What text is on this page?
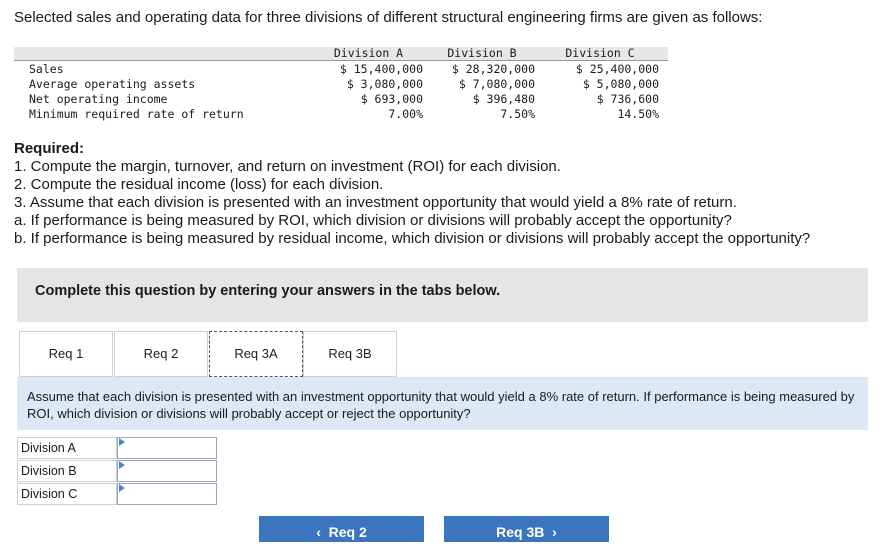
Selected sales and operating data for three divisions of different structural engineering firms are given as follows:
Division A	Division B	Division C
Sales	$ 15,400,000	$ 28,320,000	$ 25,400,000
Average operating assets	$ 3,080,000	$ 7,080,000	$ 5,080,000
Net operating income	$ 693,000	$ 396,480	$ 736,600
Minimum required rate of return	7.00%	7.50%	14.50%
Required:
1. Compute the margin, turnover, and return on investment (ROI) for each division.
2. Compute the residual income (loss) for each division.
3. Assume that each division is presented with an investment opportunity that would yield a 8% rate of return.
a. If performance is being measured by ROI, which division or divisions will probably accept the opportunity?
b. If performance is being measured by residual income, which division or divisions will probably accept the opportunity?
Complete this question by entering your answers in the tabs below.
Req 1	Req 2	Req 3A	Req 3B
Assume that each division is presented with an investment opportunity that would yield a 8% rate of return. If performance is being measured by ROI, which division or divisions will probably accept or reject the opportunity?
Division A
Division B
Division C
‹ Req 2	Req 3B ›
